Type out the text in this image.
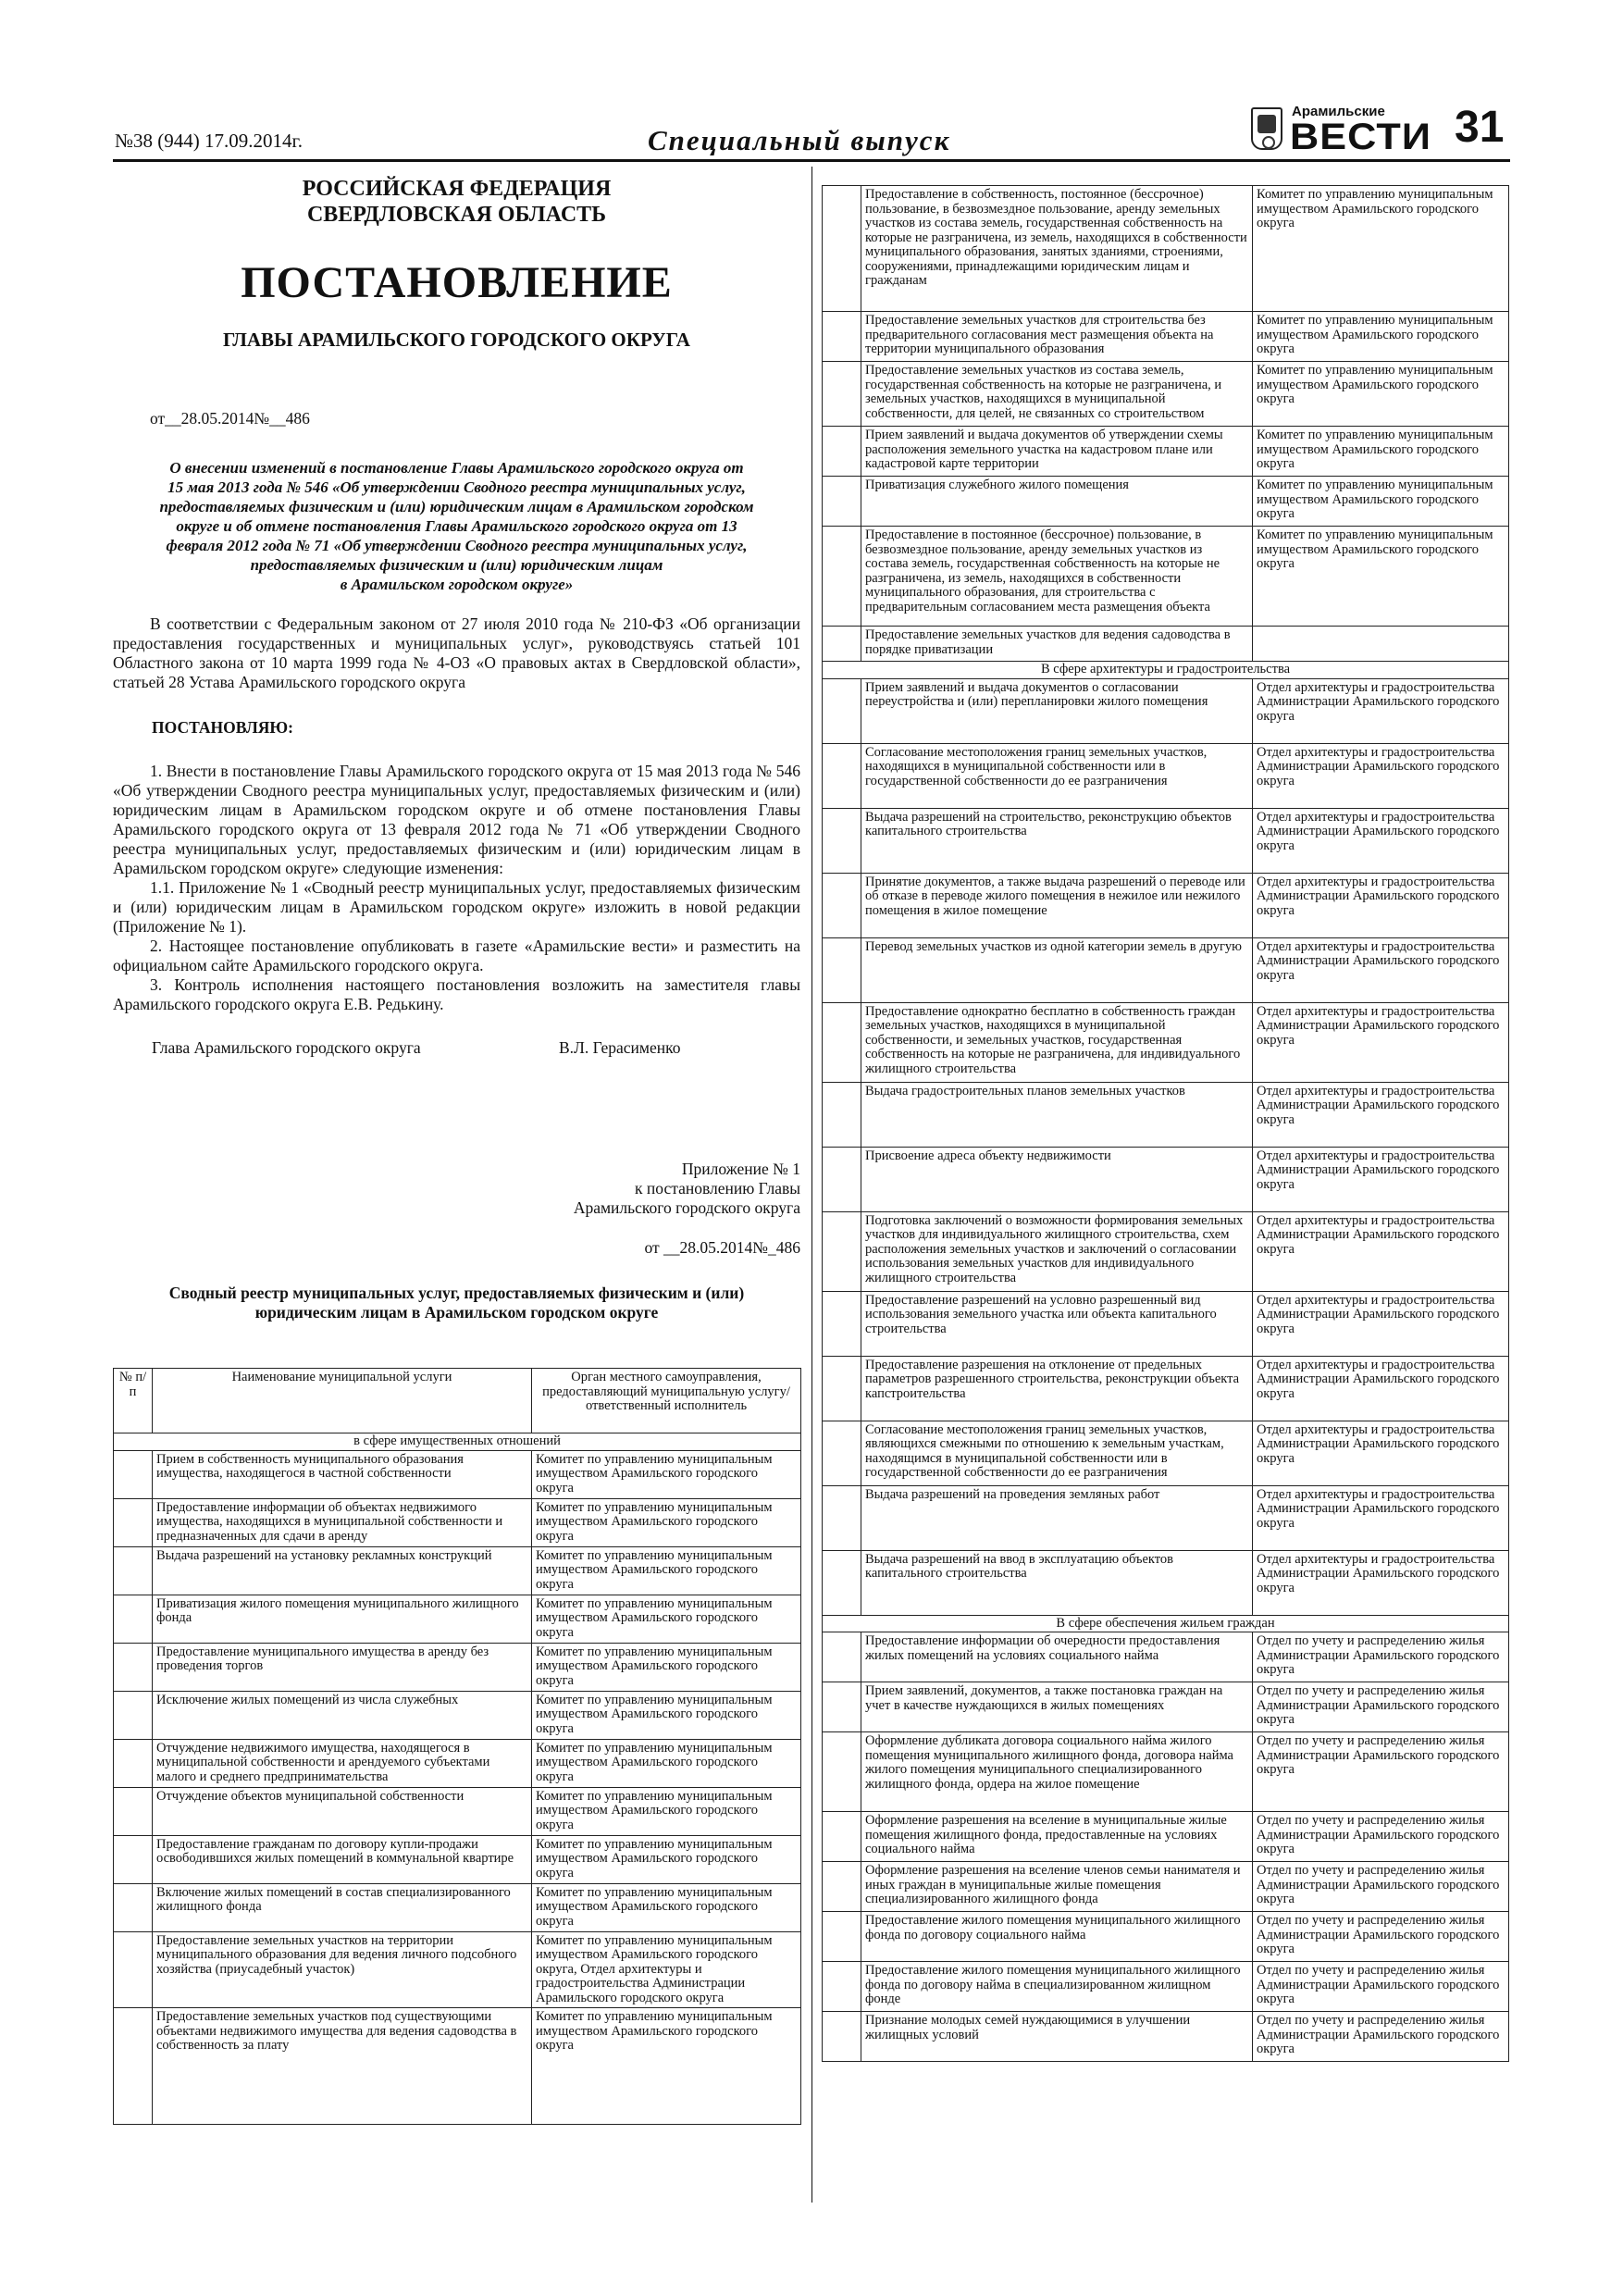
№38 (944) 17.09.2014г.	Специальный выпуск
Арамильские
ВЕСТИ 31
РОССИЙСКАЯ ФЕДЕРАЦИЯ
СВЕРДЛОВСКАЯ ОБЛАСТЬ
ПОСТАНОВЛЕНИЕ
ГЛАВЫ АРАМИЛЬСКОГО ГОРОДСКОГО ОКРУГА
от__28.05.2014№__486
О внесении изменений в постановление Главы Арамильского городского округа от
15 мая 2013 года № 546 «Об утверждении Сводного реестра муниципальных услуг,
предоставляемых физическим и (или) юридическим лицам в Арамильском городском
округе и об отмене постановления Главы Арамильского городского округа от 13
февраля 2012 года № 71 «Об утверждении Сводного реестра муниципальных услуг,
предоставляемых физическим и (или) юридическим лицам
в Арамильском городском округе»
В соответствии с Федеральным законом от 27 июля 2010 года № 210-ФЗ «Об организации предоставления государственных и муниципальных услуг», руководствуясь статьей 101 Областного закона от 10 марта 1999 года № 4-ОЗ «О правовых актах в Свердловской области», статьей 28 Устава Арамильского городского округа
ПОСТАНОВЛЯЮ:
1. Внести в постановление Главы Арамильского городского округа от 15 мая 2013 года № 546 «Об утверждении Сводного реестра муниципальных услуг, предоставляемых физическим и (или) юридическим лицам в Арамильском городском округе и об отмене постановления Главы Арамильского городского округа от 13 февраля 2012 года № 71 «Об утверждении Сводного реестра муниципальных услуг, предоставляемых физическим и (или) юридическим лицам в Арамильском городском округе» следующие изменения:
1.1. Приложение № 1 «Сводный реестр муниципальных услуг, предоставляемых физическим и (или) юридическим лицам в Арамильском городском округе» изложить в новой редакции (Приложение № 1).
2. Настоящее постановление опубликовать в газете «Арамильские вести» и разместить на официальном сайте Арамильского городского округа.
3. Контроль исполнения настоящего постановления возложить на заместителя главы Арамильского городского округа Е.В. Редькину.
Глава Арамильского городского округа	В.Л. Герасименко
Приложение № 1
к постановлению Главы
Арамильского городского округа
от __28.05.2014№_486
Сводный реестр муниципальных услуг, предоставляемых физическим и (или) юридическим лицам в Арамильском городском округе
№ п/п	Наименование муниципальной услуги	Орган местного самоуправления, предоставляющий муниципальную услугу/ ответственный исполнитель
в сфере имущественных отношений		
	Прием в собственность муниципального образования имущества, находящегося в частной собственности	Комитет по управлению муниципальным имуществом Арамильского городского округа
	Предоставление информации об объектах недвижимого имущества, находящихся в муниципальной собственности и предназначенных для сдачи в аренду	Комитет по управлению муниципальным имуществом Арамильского городского округа
	Выдача разрешений на установку рекламных конструкций	Комитет по управлению муниципальным имуществом Арамильского городского округа
	Приватизация жилого помещения муниципального жилищного фонда	Комитет по управлению муниципальным имуществом Арамильского городского округа
	Предоставление муниципального имущества в аренду без проведения торгов	Комитет по управлению муниципальным имуществом Арамильского городского округа
	Исключение жилых помещений из числа служебных	Комитет по управлению муниципальным имуществом Арамильского городского округа
	Отчуждение недвижимого имущества, находящегося в муниципальной собственности и арендуемого субъектами малого и среднего предпринимательства	Комитет по управлению муниципальным имуществом Арамильского городского округа
	Отчуждение объектов муниципальной собственности	Комитет по управлению муниципальным имуществом Арамильского городского округа
	Предоставление гражданам по договору купли-продажи освободившихся жилых помещений в коммунальной квартире	Комитет по управлению муниципальным имуществом Арамильского городского округа
	Включение жилых помещений в состав специализированного жилищного фонда	Комитет по управлению муниципальным имуществом Арамильского городского округа
	Предоставление земельных участков на территории муниципального образования для ведения личного подсобного хозяйства (приусадебный участок)	Комитет по управлению муниципальным имуществом Арамильского городского округа, Отдел архитектуры и градостроительства Администрации Арамильского городского округа
	Предоставление земельных участков под существующими объектами недвижимого имущества для ведения садоводства в собственность за плату	Комитет по управлению муниципальным имуществом Арамильского городского округа
	Предоставление в собственность, постоянное (бессрочное) пользование, в безвозмездное пользование, аренду земельных участков из состава земель, государственная собственность на которые не разграничена, из земель, находящихся в собственности муниципального образования, занятых зданиями, строениями, сооружениями, принадлежащими юридическим лицам и гражданам	Комитет по управлению муниципальным имуществом Арамильского городского округа
	Предоставление земельных участков для строительства без предварительного согласования мест размещения объекта на территории муниципального образования	Комитет по управлению муниципальным имуществом Арамильского городского округа
	Предоставление земельных участков из состава земель, государственная собственность на которые не разграничена, и земельных участков, находящихся в муниципальной собственности, для целей, не связанных со строительством	Комитет по управлению муниципальным имуществом Арамильского городского округа
	Прием заявлений и выдача документов об утверждении схемы расположения земельного участка на кадастровом плане или кадастровой карте территории	Комитет по управлению муниципальным имуществом Арамильского городского округа
	Приватизация служебного жилого помещения	Комитет по управлению муниципальным имуществом Арамильского городского округа
	Предоставление в постоянное (бессрочное) пользование, в безвозмездное пользование, аренду земельных участков из состава земель, государственная собственность на которые не разграничена, из земель, находящихся в собственности муниципального образования, для строительства с предварительным согласованием места размещения объекта	Комитет по управлению муниципальным имуществом Арамильского городского округа
	Предоставление земельных участков для ведения садоводства в порядке приватизации	
В сфере архитектуры и градостроительства		
	Прием заявлений и выдача документов о согласовании переустройства и (или) перепланировки жилого помещения	Отдел архитектуры и градостроительства Администрации Арамильского городского округа
	Согласование местоположения границ земельных участков, находящихся в муниципальной собственности или в государственной собственности до ее разграничения	Отдел архитектуры и градостроительства Администрации Арамильского городского округа
	Выдача разрешений на строительство, реконструкцию объектов капитального строительства	Отдел архитектуры и градостроительства Администрации Арамильского городского округа
	Принятие документов, а также выдача разрешений о переводе или об отказе в переводе жилого помещения в нежилое или нежилого помещения в жилое помещение	Отдел архитектуры и градостроительства Администрации Арамильского городского округа
	Перевод земельных участков из одной категории земель в другую	Отдел архитектуры и градостроительства Администрации Арамильского городского округа
	Предоставление однократно бесплатно в собственность граждан земельных участков, находящихся в муниципальной собственности, и земельных участков, государственная собственность на которые не разграничена, для индивидуального жилищного строительства	Отдел архитектуры и градостроительства Администрации Арамильского городского округа
	Выдача градостроительных планов земельных участков	Отдел архитектуры и градостроительства Администрации Арамильского городского округа
	Присвоение адреса объекту недвижимости	Отдел архитектуры и градостроительства Администрации Арамильского городского округа
	Подготовка заключений о возможности формирования земельных участков для индивидуального жилищного строительства, схем расположения земельных участков и заключений о согласовании использования земельных участков для индивидуального жилищного строительства	Отдел архитектуры и градостроительства Администрации Арамильского городского округа
	Предоставление разрешений на условно разрешенный вид использования земельного участка или объекта капитального строительства	Отдел архитектуры и градостроительства Администрации Арамильского городского округа
	Предоставление разрешения на отклонение от предельных параметров разрешенного строительства, реконструкции объекта капстроительства	Отдел архитектуры и градостроительства Администрации Арамильского городского округа
	Согласование местоположения границ земельных участков, являющихся смежными по отношению к земельным участкам, находящимся в муниципальной собственности или в государственной собственности до ее разграничения	Отдел архитектуры и градостроительства Администрации Арамильского городского округа
	Выдача разрешений на проведения земляных работ	Отдел архитектуры и градостроительства Администрации Арамильского городского округа
	Выдача разрешений на ввод в эксплуатацию объектов капитального строительства	Отдел архитектуры и градостроительства Администрации Арамильского городского округа
В сфере обеспечения жильем граждан		
	Предоставление информации об очередности предоставления жилых помещений на условиях социального найма	Отдел по учету и распределению жилья Администрации Арамильского городского округа
	Прием заявлений, документов, а также постановка граждан на учет в качестве нуждающихся в жилых помещениях	Отдел по учету и распределению жилья Администрации Арамильского городского округа
	Оформление дубликата договора социального найма жилого помещения муниципального жилищного фонда, договора найма жилого помещения муниципального специализированного жилищного фонда, ордера на жилое помещение	Отдел по учету и распределению жилья Администрации Арамильского городского округа
	Оформление разрешения на вселение в муниципальные жилые помещения жилищного фонда, предоставленные на условиях социального найма	Отдел по учету и распределению жилья Администрации Арамильского городского округа
	Оформление разрешения на вселение членов семьи нанимателя и иных граждан в муниципальные жилые помещения специализированного жилищного фонда	Отдел по учету и распределению жилья Администрации Арамильского городского округа
	Предоставление жилого помещения муниципального жилищного фонда по договору социального найма	Отдел по учету и распределению жилья Администрации Арамильского городского округа
	Предоставление жилого помещения муниципального жилищного фонда по договору найма в специализированном жилищном фонде	Отдел по учету и распределению жилья Администрации Арамильского городского округа
	Признание молодых семей нуждающимися в улучшении жилищных условий	Отдел по учету и распределению жилья Администрации Арамильского городского округа
